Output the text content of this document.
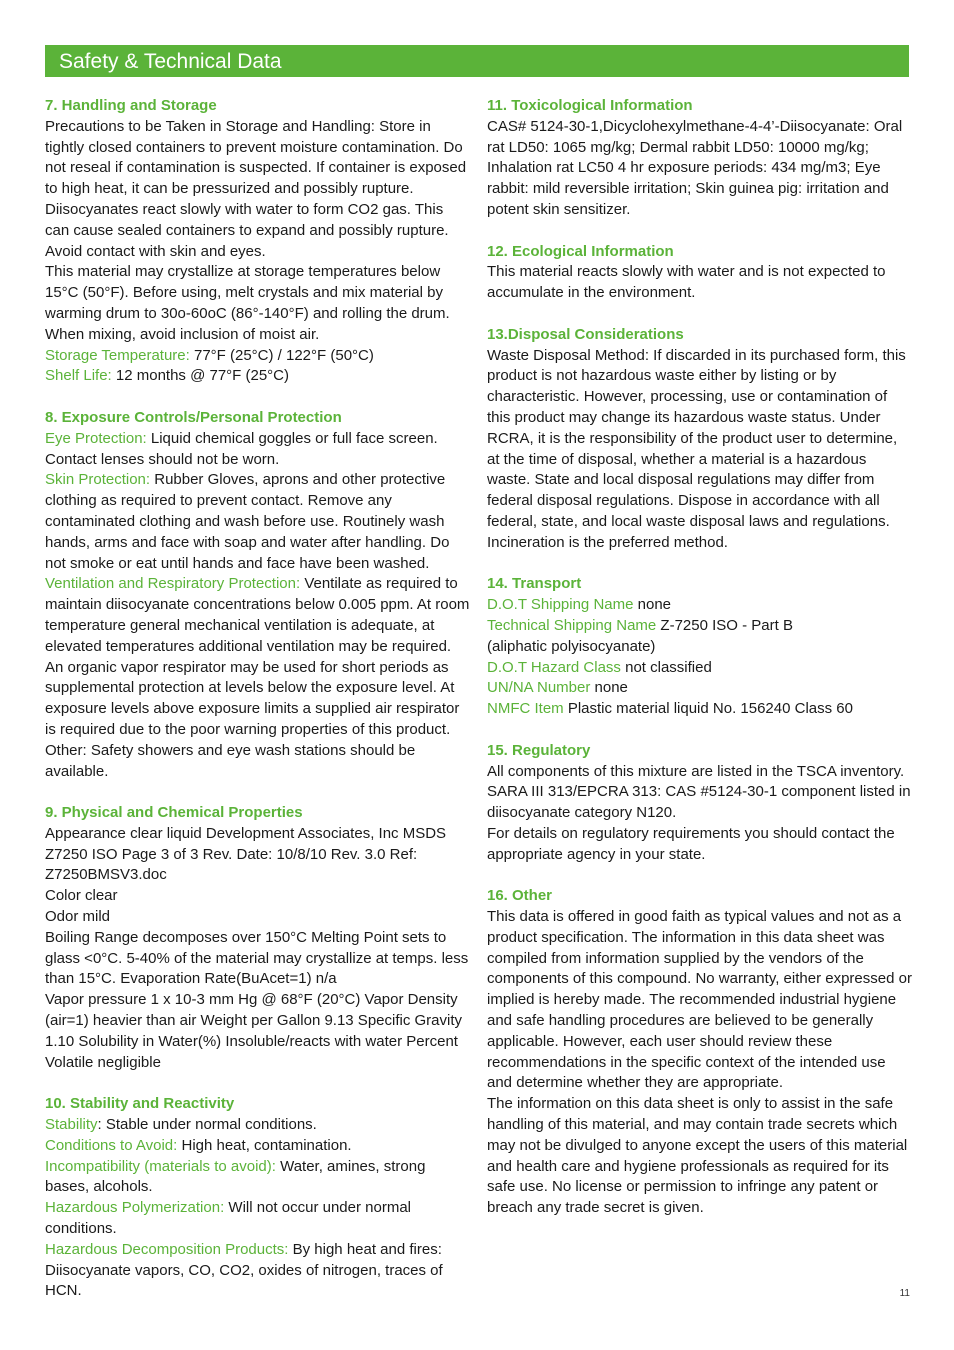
Safety & Technical Data
7. Handling and Storage
Precautions to be Taken in Storage and Handling: Store in tightly closed containers to prevent moisture contamination. Do not reseal if contamination is suspected. If container is exposed to high heat, it can be pressurized and possibly rupture. Diisocyanates react slowly with water to form CO2 gas. This can cause sealed containers to expand and possibly rupture. Avoid contact with skin and eyes.
This material may crystallize at storage temperatures below 15°C (50°F). Before using, melt crystals and mix material by warming drum to 30o-60oC (86°-140°F) and rolling the drum. When mixing, avoid inclusion of moist air.
Storage Temperature: 77°F (25°C) / 122°F (50°C)
Shelf Life: 12 months @ 77°F (25°C)
8. Exposure Controls/Personal Protection
Eye Protection: Liquid chemical goggles or full face screen. Contact lenses should not be worn.
Skin Protection: Rubber Gloves, aprons and other protective clothing as required to prevent contact. Remove any contaminated clothing and wash before use. Routinely wash hands, arms and face with soap and water after handling. Do not smoke or eat until hands and face have been washed.
Ventilation and Respiratory Protection: Ventilate as required to maintain diisocyanate concentrations below 0.005 ppm. At room temperature general mechanical ventilation is adequate, at elevated temperatures additional ventilation may be required. An organic vapor respirator may be used for short periods as supplemental protection at levels below the exposure level. At exposure levels above exposure limits a supplied air respirator is required due to the poor warning properties of this product. Other: Safety showers and eye wash stations should be available.
9. Physical and Chemical Properties
Appearance clear liquid Development Associates, Inc MSDS Z7250 ISO Page 3 of 3 Rev. Date: 10/8/10 Rev. 3.0 Ref: Z7250BMSV3.doc
Color clear
Odor mild
Boiling Range decomposes over 150°C Melting Point sets to glass <0°C. 5-40% of the material may crystallize at temps. less than 15°C. Evaporation Rate(BuAcet=1) n/a
Vapor pressure 1 x 10-3 mm Hg @ 68°F (20°C) Vapor Density (air=1) heavier than air Weight per Gallon 9.13 Specific Gravity 1.10 Solubility in Water(%) Insoluble/reacts with water Percent Volatile negligible
10. Stability and Reactivity
Stability: Stable under normal conditions.
Conditions to Avoid: High heat, contamination.
Incompatibility (materials to avoid): Water, amines, strong bases, alcohols.
Hazardous Polymerization: Will not occur under normal conditions.
Hazardous Decomposition Products: By high heat and fires: Diisocyanate vapors, CO, CO2, oxides of nitrogen, traces of HCN.
11. Toxicological Information
CAS# 5124-30-1,Dicyclohexylmethane-4-4’-Diisocyanate: Oral rat LD50: 1065 mg/kg; Dermal rabbit LD50: 10000 mg/kg; Inhalation rat LC50 4 hr exposure periods: 434 mg/m3; Eye rabbit: mild reversible irritation; Skin guinea pig: irritation and potent skin sensitizer.
12. Ecological Information
This material reacts slowly with water and is not expected to accumulate in the environment.
13.Disposal Considerations
Waste Disposal Method: If discarded in its purchased form, this product is not hazardous waste either by listing or by characteristic. However, processing, use or contamination of this product may change its hazardous waste status. Under RCRA, it is the responsibility of the product user to determine, at the time of disposal, whether a material is a hazardous waste. State and local disposal regulations may differ from federal disposal regulations. Dispose in accordance with all federal, state, and local waste disposal laws and regulations. Incineration is the preferred method.
14. Transport
D.O.T Shipping Name none
Technical Shipping Name Z-7250 ISO - Part B
(aliphatic polyisocyanate)
D.O.T Hazard Class not classified
UN/NA Number none
NMFC Item Plastic material liquid No. 156240 Class 60
15. Regulatory
All components of this mixture are listed in the TSCA inventory. SARA III 313/EPCRA 313: CAS #5124-30-1 component listed in diisocyanate category N120.
For details on regulatory requirements you should contact the appropriate agency in your state.
16. Other
This data is offered in good faith as typical values and not as a product specification. The information in this data sheet was compiled from information supplied by the vendors of the components of this compound. No warranty, either expressed or implied is hereby made. The recommended industrial hygiene and safe handling procedures are believed to be generally applicable. However, each user should review these recommendations in the specific context of the intended use and determine whether they are appropriate.
The information on this data sheet is only to assist in the safe handling of this material, and may contain trade secrets which may not be divulged to anyone except the users of this material and health care and hygiene professionals as required for its safe use. No license or permission to infringe any patent or breach any trade secret is given.
11
